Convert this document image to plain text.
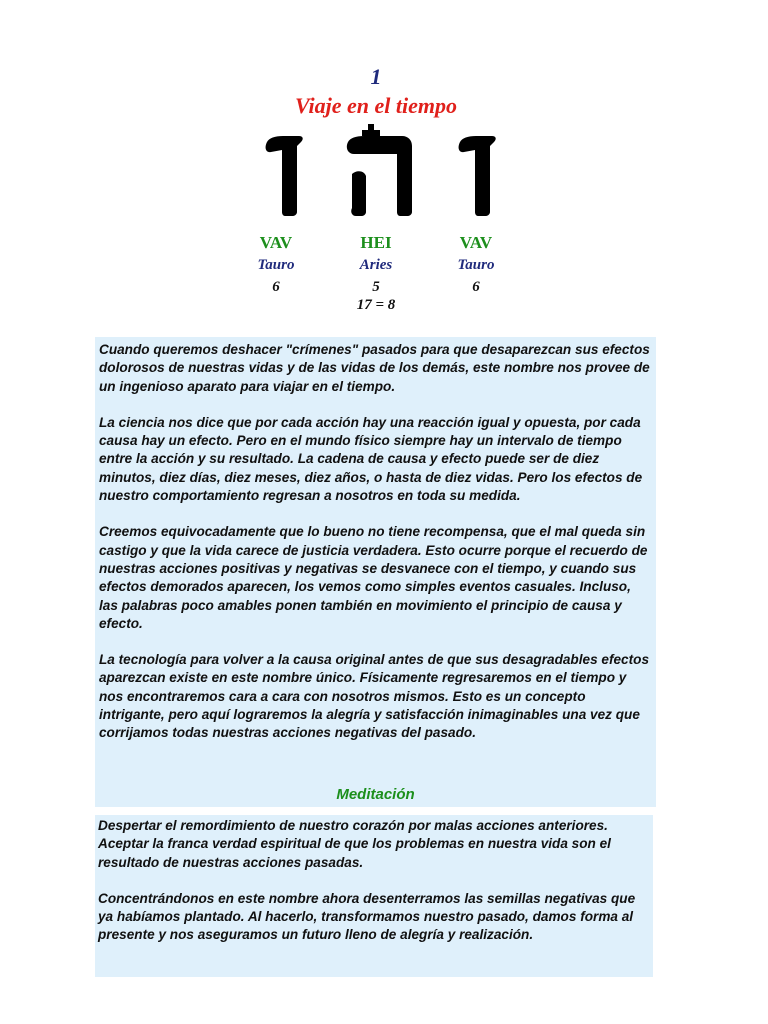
1
Viaje en el tiempo
VAV
Tauro
6
HEI
Aries
5
VAV
Tauro
6
17 = 8

Cuando queremos deshacer "crímenes" pasados para que desaparezcan sus efectos dolorosos de nuestras vidas y de las vidas de los demás, este nombre nos provee de un ingenioso aparato para viajar en el tiempo.

La ciencia nos dice que por cada acción hay una reacción igual y opuesta, por cada causa hay un efecto. Pero en el mundo físico siempre hay un intervalo de tiempo entre la acción y su resultado. La cadena de causa y efecto puede ser de diez minutos, diez días, diez meses, diez años, o hasta de diez vidas. Pero los efectos de nuestro comportamiento regresan a nosotros en toda su medida.

Creemos equivocadamente que lo bueno no tiene recompensa, que el mal queda sin castigo y que la vida carece de justicia verdadera. Esto ocurre porque el recuerdo de nuestras acciones positivas y negativas se desvanece con el tiempo, y cuando sus efectos demorados aparecen, los vemos como simples eventos casuales. Incluso, las palabras poco amables ponen también en movimiento el principio de causa y efecto.

La tecnología para volver a la causa original antes de que sus desagradables efectos aparezcan existe en este nombre único. Físicamente regresaremos en el tiempo y nos encontraremos cara a cara con nosotros mismos. Esto es un concepto intrigante, pero aquí lograremos la alegría y satisfacción inimaginables una vez que corrijamos todas nuestras acciones negativas del pasado.

Meditación

Despertar el remordimiento de nuestro corazón por malas acciones anteriores. Aceptar la franca verdad espiritual de que los problemas en nuestra vida son el resultado de nuestras acciones pasadas.

Concentrándonos en este nombre ahora desenterramos las semillas negativas que ya habíamos plantado. Al hacerlo, transformamos nuestro pasado, damos forma al presente y nos aseguramos un futuro lleno de alegría y realización.
